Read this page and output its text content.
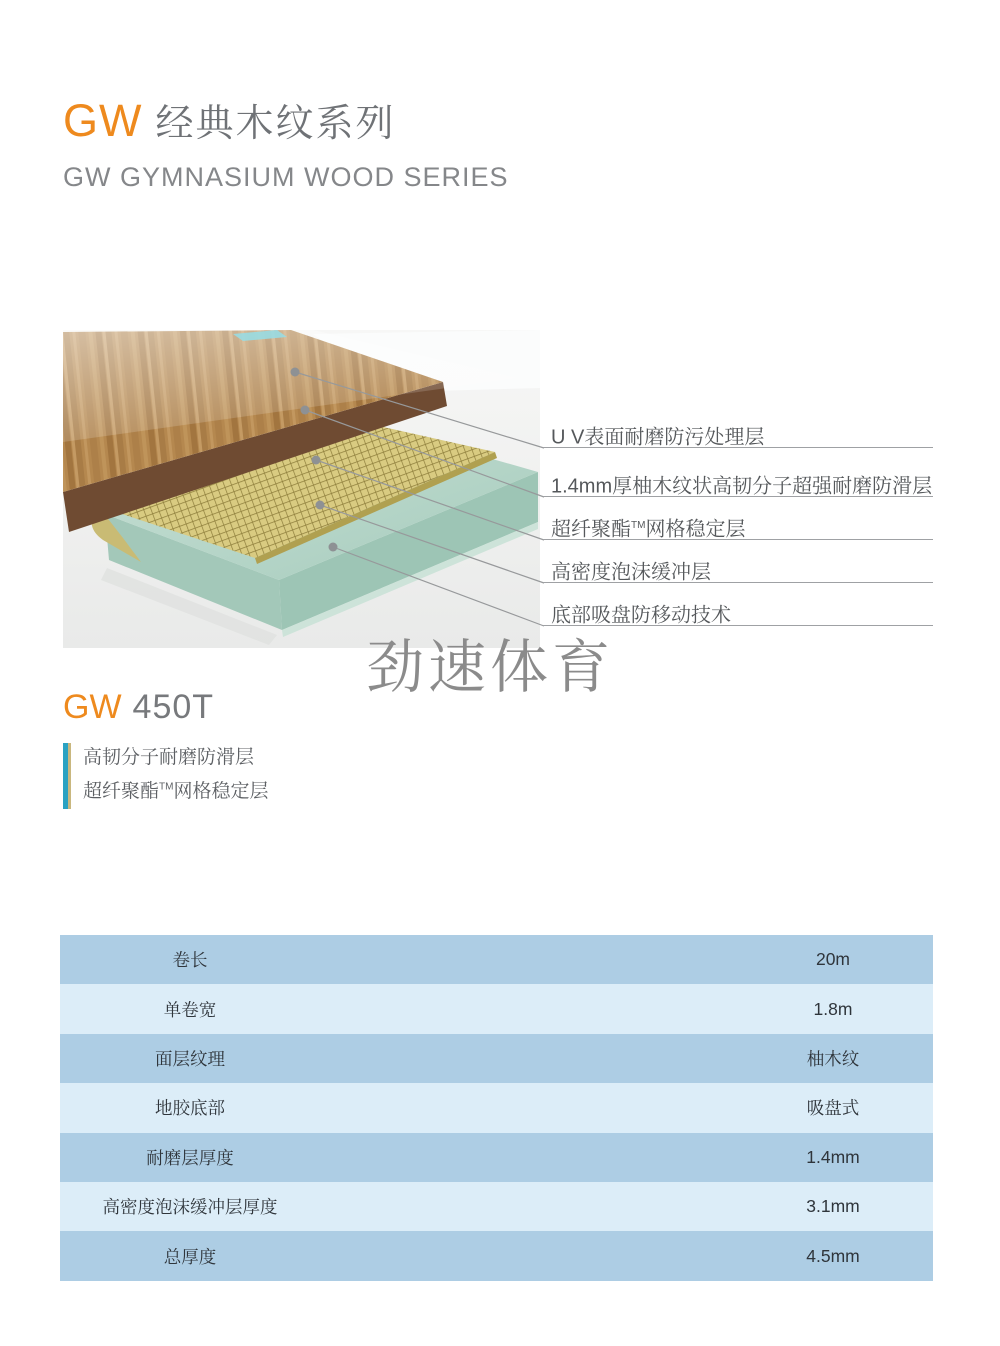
GW 经典木纹系列
GW GYMNASIUM WOOD SERIES
U V表面耐磨防污处理层
1.4mm厚柚木纹状高韧分子超强耐磨防滑层
超纤聚酯™网格稳定层
高密度泡沫缓冲层
底部吸盘防移动技术
劲速体育
GW 450T
高韧分子耐磨防滑层
超纤聚酯™网格稳定层
卷长	20m
单卷宽	1.8m
面层纹理	柚木纹
地胶底部	吸盘式
耐磨层厚度	1.4mm
高密度泡沫缓冲层厚度	3.1mm
总厚度	4.5mm
